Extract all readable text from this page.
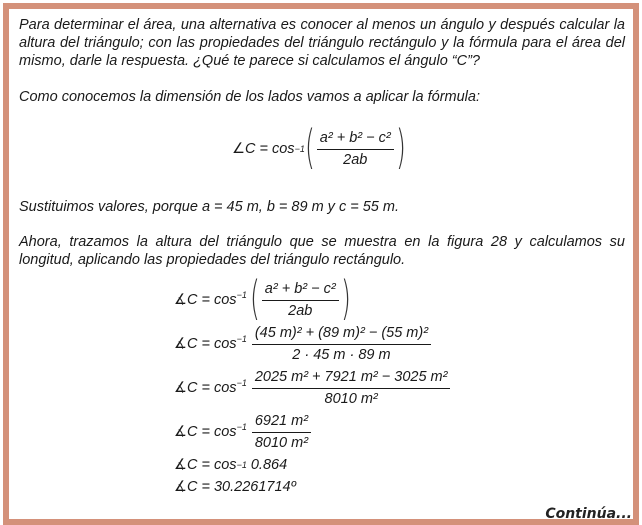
Para determinar el área, una alternativa es conocer al menos un ángulo y después calcular la altura del triángulo; con las propiedades del triángulo rectángulo y la fórmula para el área del mismo, darle la respuesta. ¿Qué te parece si calculamos el ángulo “C”?

Como conocemos la dimensión de los lados vamos a aplicar la fórmula:

∠C = cos −1 ( $\frac{\text{a² + b² − c²}}{2ab}$ )

Sustituimos valores, porque a = 45 m, b = 89 m y c = 55 m.

Ahora, trazamos la altura del triángulo que se muestra en la figura 28 y calculamos su longitud, aplicando las propiedades del triángulo rectángulo.

∡C = $\cos^{-1}$ ( $\frac{\text{a² + b² − c²}}{2ab}$ )
∡C = $\cos^{-1} \frac{\text{(45 m)² + (89 m)² − (55 m)²}}{2 \cdot 45 m \cdot 89 m}$
∡C = $\cos^{-1} \frac{\text{2025 m² + 7921 m² − 3025 m²}}{\text{8010 m²}}$
∡C = $\cos^{-1} \frac{\text{6921 m²}}{\text{8010 m²}}$
∡C = cos −1
0.864
∡C = 30.2261714º
Continúa...
